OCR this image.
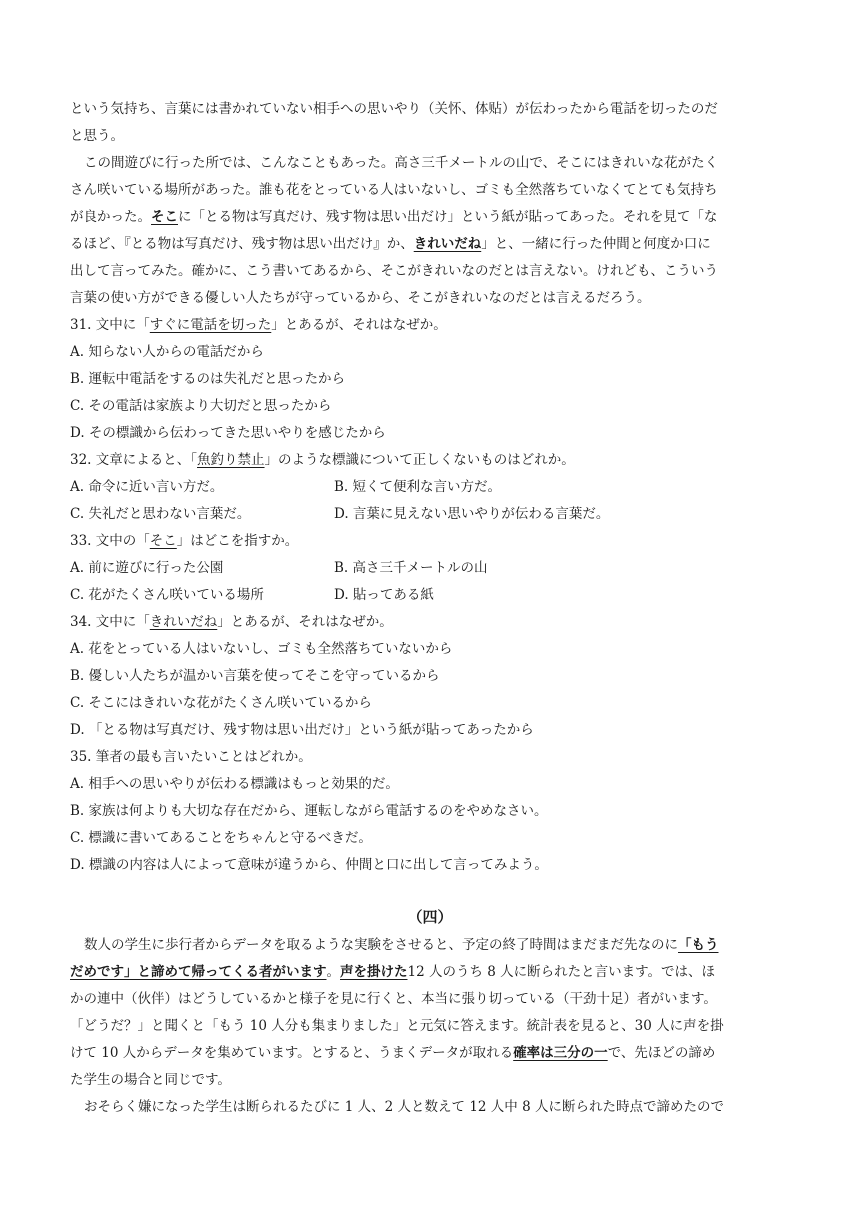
という気持ち、言葉には書かれていない相手への思いやり（关怀、体贴）が伝わったから電話を切ったのだ
と思う。
この間遊びに行った所では、こんなこともあった。高さ三千メートルの山で、そこにはきれいな花がたく
さん咲いている場所があった。誰も花をとっている人はいないし、ゴミも全然落ちていなくてとても気持ち
が良かった。そこに「とる物は写真だけ、残す物は思い出だけ」という紙が貼ってあった。それを見て「な
るほど、『とる物は写真だけ、残す物は思い出だけ』か、きれいだね」と、一緒に行った仲間と何度か口に
出して言ってみた。確かに、こう書いてあるから、そこがきれいなのだとは言えない。けれども、こういう
言葉の使い方ができる優しい人たちが守っているから、そこがきれいなのだとは言えるだろう。
31. 文中に「すぐに電話を切った」とあるが、それはなぜか。
A. 知らない人からの電話だから
B. 運転中電話をするのは失礼だと思ったから
C. その電話は家族より大切だと思ったから
D. その標識から伝わってきた思いやりを感じたから
32. 文章によると、「魚釣り禁止」のような標識について正しくないものはどれか。
A. 命令に近い言い方だ。	B. 短くて便利な言い方だ。
C. 失礼だと思わない言葉だ。	D. 言葉に見えない思いやりが伝わる言葉だ。
33. 文中の「そこ」はどこを指すか。
A. 前に遊びに行った公園	B. 高さ三千メートルの山
C. 花がたくさん咲いている場所	D. 貼ってある紙
34. 文中に「きれいだね」とあるが、それはなぜか。
A. 花をとっている人はいないし、ゴミも全然落ちていないから
B. 優しい人たちが温かい言葉を使ってそこを守っているから
C. そこにはきれいな花がたくさん咲いているから
D. 「とる物は写真だけ、残す物は思い出だけ」という紙が貼ってあったから
35. 筆者の最も言いたいことはどれか。
A. 相手への思いやりが伝わる標識はもっと効果的だ。
B. 家族は何よりも大切な存在だから、運転しながら電話するのをやめなさい。
C. 標識に書いてあることをちゃんと守るべきだ。
D. 標識の内容は人によって意味が違うから、仲間と口に出して言ってみよう。
（四）
数人の学生に歩行者からデータを取るような実験をさせると、予定の終了時間はまだまだ先なのに「もう
だめです」と諦めて帰ってくる者がいます。声を掛けた12 人のうち 8 人に断られたと言います。では、ほ
かの連中（伙伴）はどうしているかと様子を見に行くと、本当に張り切っている（干劲十足）者がいます。
「どうだ？」と聞くと「もう 10 人分も集まりました」と元気に答えます。統計表を見ると、30 人に声を掛
けて 10 人からデータを集めています。とすると、うまくデータが取れる確率は三分の一で、先ほどの諦め
た学生の場合と同じです。
おそらく嫌になった学生は断られるたびに 1 人、2 人と数えて 12 人中 8 人に断られた時点で諦めたので
